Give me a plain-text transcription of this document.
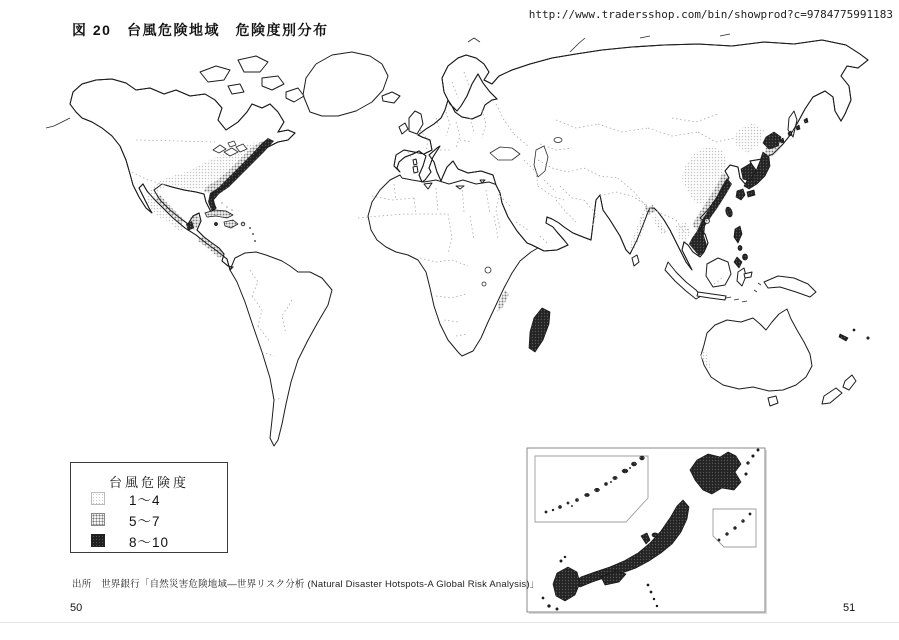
図 20　台風危険地域　危険度別分布
http://www.tradersshop.com/bin/showprod?c=9784775991183
台風危険度
1〜4
5〜7
8〜10
出所　世界銀行「自然災害危険地域―世界リスク分析 (Natural Disaster Hotspots-A Global Risk Analysis)」
50	51
